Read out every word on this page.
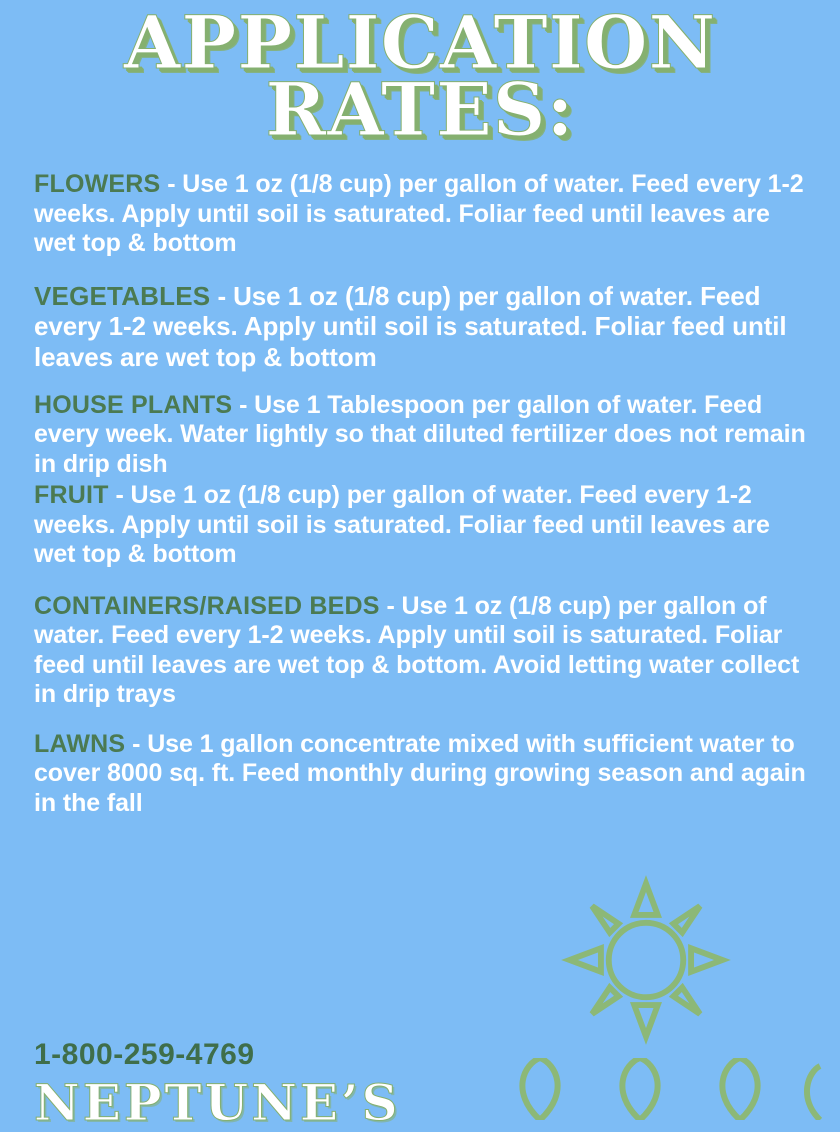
APPLICATION
RATES:

FLOWERS - Use 1 oz (1/8 cup) per gallon of water. Feed every 1-2 weeks. Apply until soil is saturated. Foliar feed until leaves are wet top & bottom

VEGETABLES - Use 1 oz (1/8 cup) per gallon of water. Feed every 1-2 weeks. Apply until soil is saturated. Foliar feed until leaves are wet top & bottom

HOUSE PLANTS - Use 1 Tablespoon per gallon of water. Feed every week. Water lightly so that diluted fertilizer does not remain in drip dish

FRUIT - Use 1 oz (1/8 cup) per gallon of water. Feed every 1-2 weeks. Apply until soil is saturated. Foliar feed until leaves are wet top & bottom

CONTAINERS/RAISED BEDS - Use 1 oz (1/8 cup) per gallon of water. Feed every 1-2 weeks. Apply until soil is saturated. Foliar feed until leaves are wet top & bottom. Avoid letting water collect in drip trays

LAWNS - Use 1 gallon concentrate mixed with sufficient water to cover 8000 sq. ft. Feed monthly during growing season and again in the fall

1-800-259-4769
NEPTUNE’S
